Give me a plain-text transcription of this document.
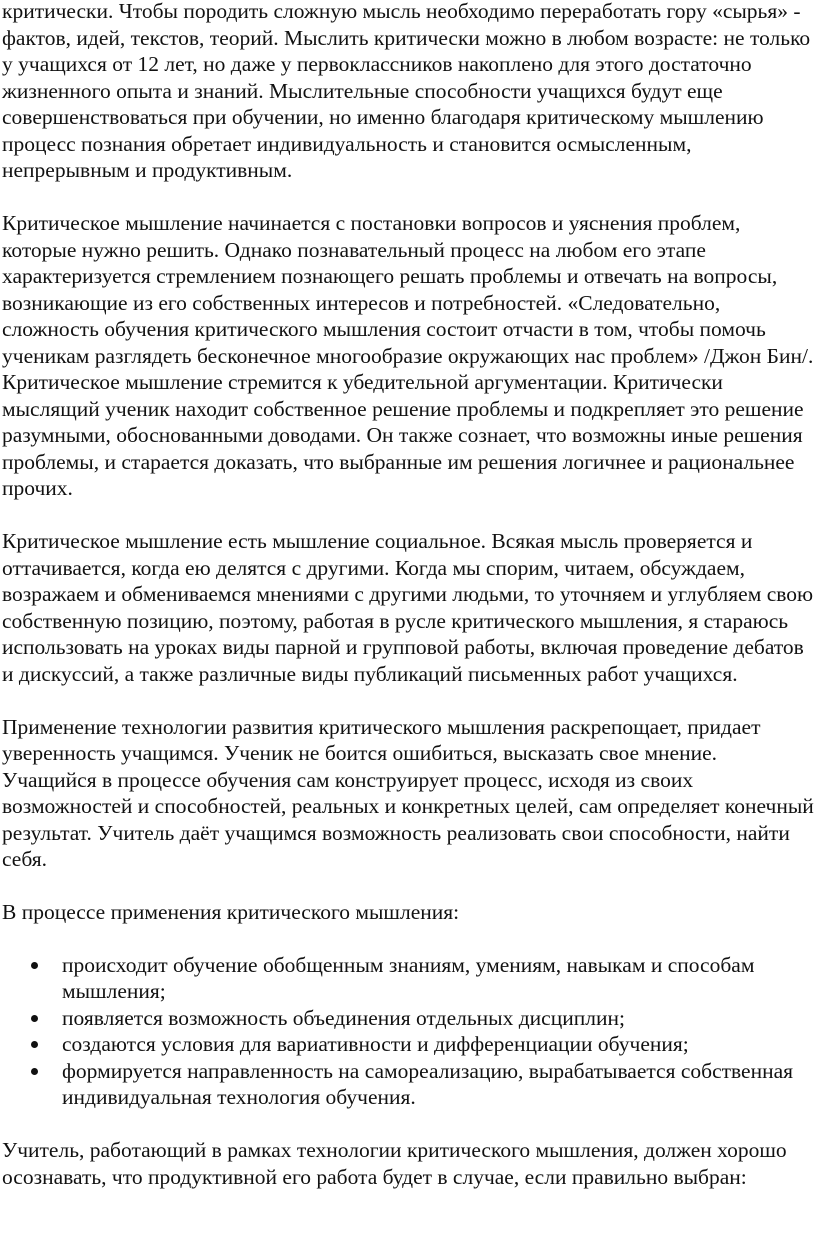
критически. Чтобы породить сложную мысль необходимо переработать гору «сырья» - фактов, идей, текстов, теорий. Мыслить критически можно в любом возрасте: не только у учащихся от 12 лет, но даже у первоклассников накоплено для этого достаточно жизненного опыта и знаний. Мыслительные способности учащихся будут еще совершенствоваться при обучении, но именно благодаря критическому мышлению процесс познания обретает индивидуальность и становится осмысленным, непрерывным и продуктивным.

Критическое мышление начинается с постановки вопросов и уяснения проблем, которые нужно решить. Однако познавательный процесс на любом его этапе характеризуется стремлением познающего решать проблемы и отвечать на вопросы, возникающие из его собственных интересов и потребностей. «Следовательно, сложность обучения критического мышления состоит отчасти в том, чтобы помочь ученикам разглядеть бесконечное многообразие окружающих нас проблем» /Джон Бин/. Критическое мышление стремится к убедительной аргументации. Критически мыслящий ученик находит собственное решение проблемы и подкрепляет это решение разумными, обоснованными доводами. Он также сознает, что возможны иные решения проблемы, и старается доказать, что выбранные им решения логичнее и рациональнее прочих.

Критическое мышление есть мышление социальное. Всякая мысль проверяется и оттачивается, когда ею делятся с другими. Когда мы спорим, читаем, обсуждаем, возражаем и обмениваемся мнениями с другими людьми, то уточняем и углубляем свою собственную позицию, поэтому, работая в русле критического мышления, я стараюсь использовать на уроках виды парной и групповой работы, включая проведение дебатов и дискуссий, а также различные виды публикаций письменных работ учащихся.

Применение технологии развития критического мышления раскрепощает, придает уверенность учащимся. Ученик не боится ошибиться, высказать свое мнение. Учащийся в процессе обучения сам конструирует процесс, исходя из своих возможностей и способностей, реальных и конкретных целей, сам определяет конечный результат. Учитель даёт учащимся возможность реализовать свои способности, найти себя.

В процессе применения критического мышления:

происходит обучение обобщенным знаниям, умениям, навыкам и способам мышления;
появляется возможность объединения отдельных дисциплин;
создаются условия для вариативности и дифференциации обучения;
формируется направленность на самореализацию, вырабатывается собственная индивидуальная технология обучения.

Учитель, работающий в рамках технологии критического мышления, должен хорошо осознавать, что продуктивной его работа будет в случае, если правильно выбран:
